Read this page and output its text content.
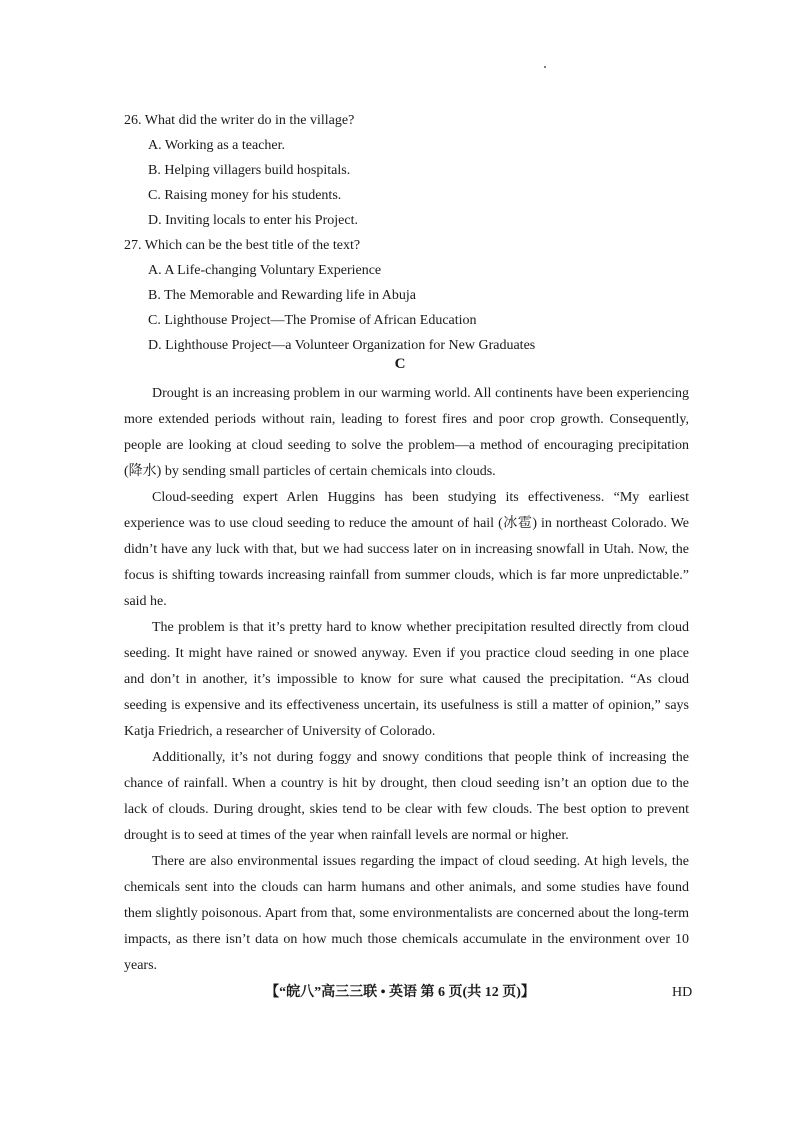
26. What did the writer do in the village?
A. Working as a teacher.
B. Helping villagers build hospitals.
C. Raising money for his students.
D. Inviting locals to enter his Project.
27. Which can be the best title of the text?
A. A Life-changing Voluntary Experience
B. The Memorable and Rewarding life in Abuja
C. Lighthouse Project—The Promise of African Education
D. Lighthouse Project—a Volunteer Organization for New Graduates
C

Drought is an increasing problem in our warming world. All continents have been experiencing more extended periods without rain, leading to forest fires and poor crop growth. Consequently, people are looking at cloud seeding to solve the problem—a method of encouraging precipitation (降水) by sending small particles of certain chemicals into clouds.

Cloud-seeding expert Arlen Huggins has been studying its effectiveness. “My earliest experience was to use cloud seeding to reduce the amount of hail (冰雹) in northeast Colorado. We didn’t have any luck with that, but we had success later on in increasing snowfall in Utah. Now, the focus is shifting towards increasing rainfall from summer clouds, which is far more unpredictable.” said he.

The problem is that it’s pretty hard to know whether precipitation resulted directly from cloud seeding. It might have rained or snowed anyway. Even if you practice cloud seeding in one place and don’t in another, it’s impossible to know for sure what caused the precipitation. “As cloud seeding is expensive and its effectiveness uncertain, its usefulness is still a matter of opinion,” says Katja Friedrich, a researcher of University of Colorado.

Additionally, it’s not during foggy and snowy conditions that people think of increasing the chance of rainfall. When a country is hit by drought, then cloud seeding isn’t an option due to the lack of clouds. During drought, skies tend to be clear with few clouds. The best option to prevent drought is to seed at times of the year when rainfall levels are normal or higher.

There are also environmental issues regarding the impact of cloud seeding. At high levels, the chemicals sent into the clouds can harm humans and other animals, and some studies have found them slightly poisonous. Apart from that, some environmentalists are concerned about the long-term impacts, as there isn’t data on how much those chemicals accumulate in the environment over 10 years.

【“皖八”高三三联 • 英语 第 6 页(共 12 页)】	HD
